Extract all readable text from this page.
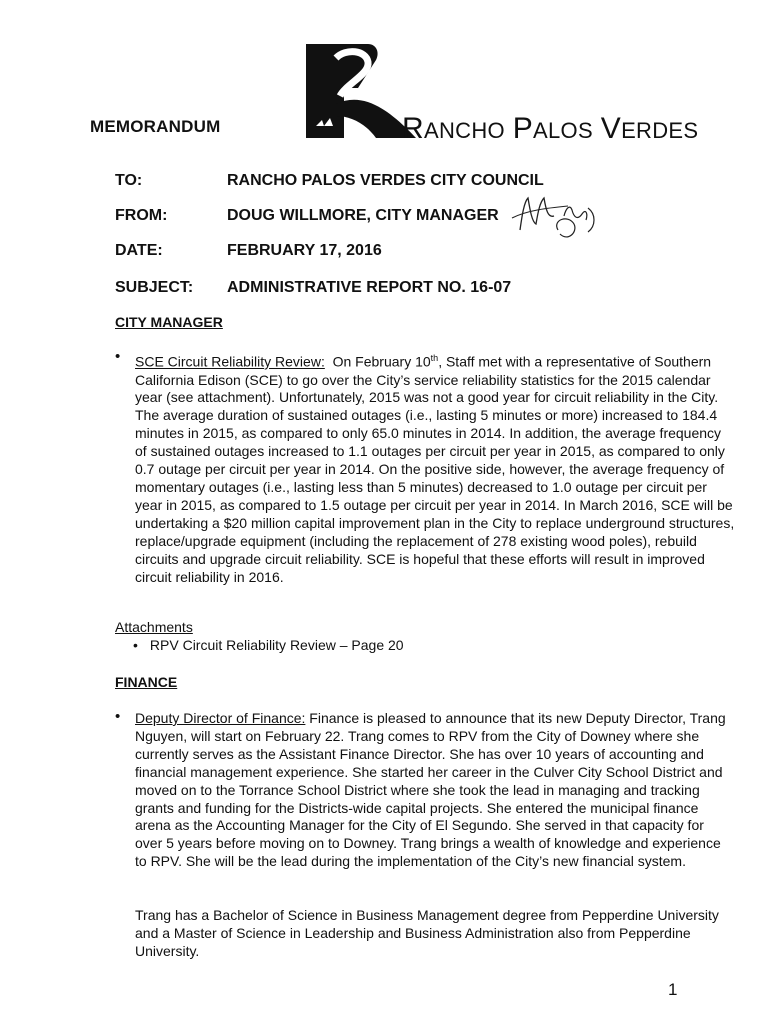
MEMORANDUM	RANCHO PALOS VERDES
TO:	RANCHO PALOS VERDES CITY COUNCIL
FROM:	DOUG WILLMORE, CITY MANAGER
DATE:	FEBRUARY 17, 2016
SUBJECT: ADMINISTRATIVE REPORT NO. 16-07
CITY MANAGER
• SCE Circuit Reliability Review: On February 10th, Staff met with a representative of Southern California Edison (SCE) to go over the City’s service reliability statistics for the 2015 calendar year (see attachment). Unfortunately, 2015 was not a good year for circuit reliability in the City. The average duration of sustained outages (i.e., lasting 5 minutes or more) increased to 184.4 minutes in 2015, as compared to only 65.0 minutes in 2014. In addition, the average frequency of sustained outages increased to 1.1 outages per circuit per year in 2015, as compared to only 0.7 outage per circuit per year in 2014. On the positive side, however, the average frequency of momentary outages (i.e., lasting less than 5 minutes) decreased to 1.0 outage per circuit per year in 2015, as compared to 1.5 outage per circuit per year in 2014. In March 2016, SCE will be undertaking a $20 million capital improvement plan in the City to replace underground structures, replace/upgrade equipment (including the replacement of 278 existing wood poles), rebuild circuits and upgrade circuit reliability. SCE is hopeful that these efforts will result in improved circuit reliability in 2016.
Attachments
• RPV Circuit Reliability Review – Page 20
FINANCE
• Deputy Director of Finance: Finance is pleased to announce that its new Deputy Director, Trang Nguyen, will start on February 22. Trang comes to RPV from the City of Downey where she currently serves as the Assistant Finance Director. She has over 10 years of accounting and financial management experience. She started her career in the Culver City School District and moved on to the Torrance School District where she took the lead in managing and tracking grants and funding for the Districts-wide capital projects. She entered the municipal finance arena as the Accounting Manager for the City of El Segundo. She served in that capacity for over 5 years before moving on to Downey. Trang brings a wealth of knowledge and experience to RPV. She will be the lead during the implementation of the City’s new financial system.
Trang has a Bachelor of Science in Business Management degree from Pepperdine University and a Master of Science in Leadership and Business Administration also from Pepperdine University.
1
